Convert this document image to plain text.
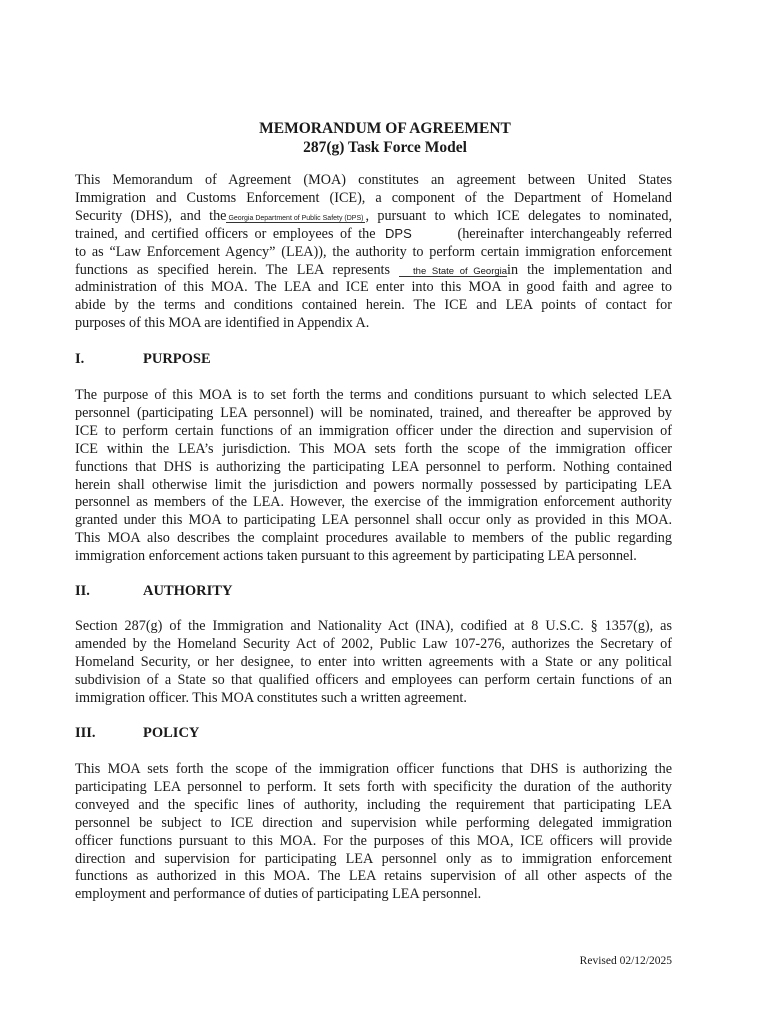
MEMORANDUM OF AGREEMENT
287(g) Task Force Model
This Memorandum of Agreement (MOA) constitutes an agreement between United States
Immigration and Customs Enforcement (ICE), a component of the Department of Homeland
Security (DHS), and the Georgia Department of Public Safety (DPS) , pursuant to which ICE delegates to nominated,
trained, and certified officers or employees of the DPS	(hereinafter interchangeably referred
to as “Law Enforcement Agency” (LEA)), the authority to perform certain immigration enforcement
functions as specified herein. The LEA represents the State of Georgiain the implementation and
administration of this MOA. The LEA and ICE enter into this MOA in good faith and agree to
abide by the terms and conditions contained herein. The ICE and LEA points of contact for
purposes of this MOA are identified in Appendix A.
I.	PURPOSE
The purpose of this MOA is to set forth the terms and conditions pursuant to which selected LEA
personnel (participating LEA personnel) will be nominated, trained, and thereafter be approved by
ICE to perform certain functions of an immigration officer under the direction and supervision of
ICE within the LEA’s jurisdiction. This MOA sets forth the scope of the immigration officer
functions that DHS is authorizing the participating LEA personnel to perform. Nothing contained
herein shall otherwise limit the jurisdiction and powers normally possessed by participating LEA
personnel as members of the LEA. However, the exercise of the immigration enforcement authority
granted under this MOA to participating LEA personnel shall occur only as provided in this MOA.
This MOA also describes the complaint procedures available to members of the public regarding
immigration enforcement actions taken pursuant to this agreement by participating LEA personnel.
II.	AUTHORITY
Section 287(g) of the Immigration and Nationality Act (INA), codified at 8 U.S.C. § 1357(g), as
amended by the Homeland Security Act of 2002, Public Law 107-276, authorizes the Secretary of
Homeland Security, or her designee, to enter into written agreements with a State or any political
subdivision of a State so that qualified officers and employees can perform certain functions of an
immigration officer. This MOA constitutes such a written agreement.
III.	POLICY
This MOA sets forth the scope of the immigration officer functions that DHS is authorizing the
participating LEA personnel to perform. It sets forth with specificity the duration of the authority
conveyed and the specific lines of authority, including the requirement that participating LEA
personnel be subject to ICE direction and supervision while performing delegated immigration
officer functions pursuant to this MOA. For the purposes of this MOA, ICE officers will provide
direction and supervision for participating LEA personnel only as to immigration enforcement
functions as authorized in this MOA. The LEA retains supervision of all other aspects of the
employment and performance of duties of participating LEA personnel.
Revised 02/12/2025
